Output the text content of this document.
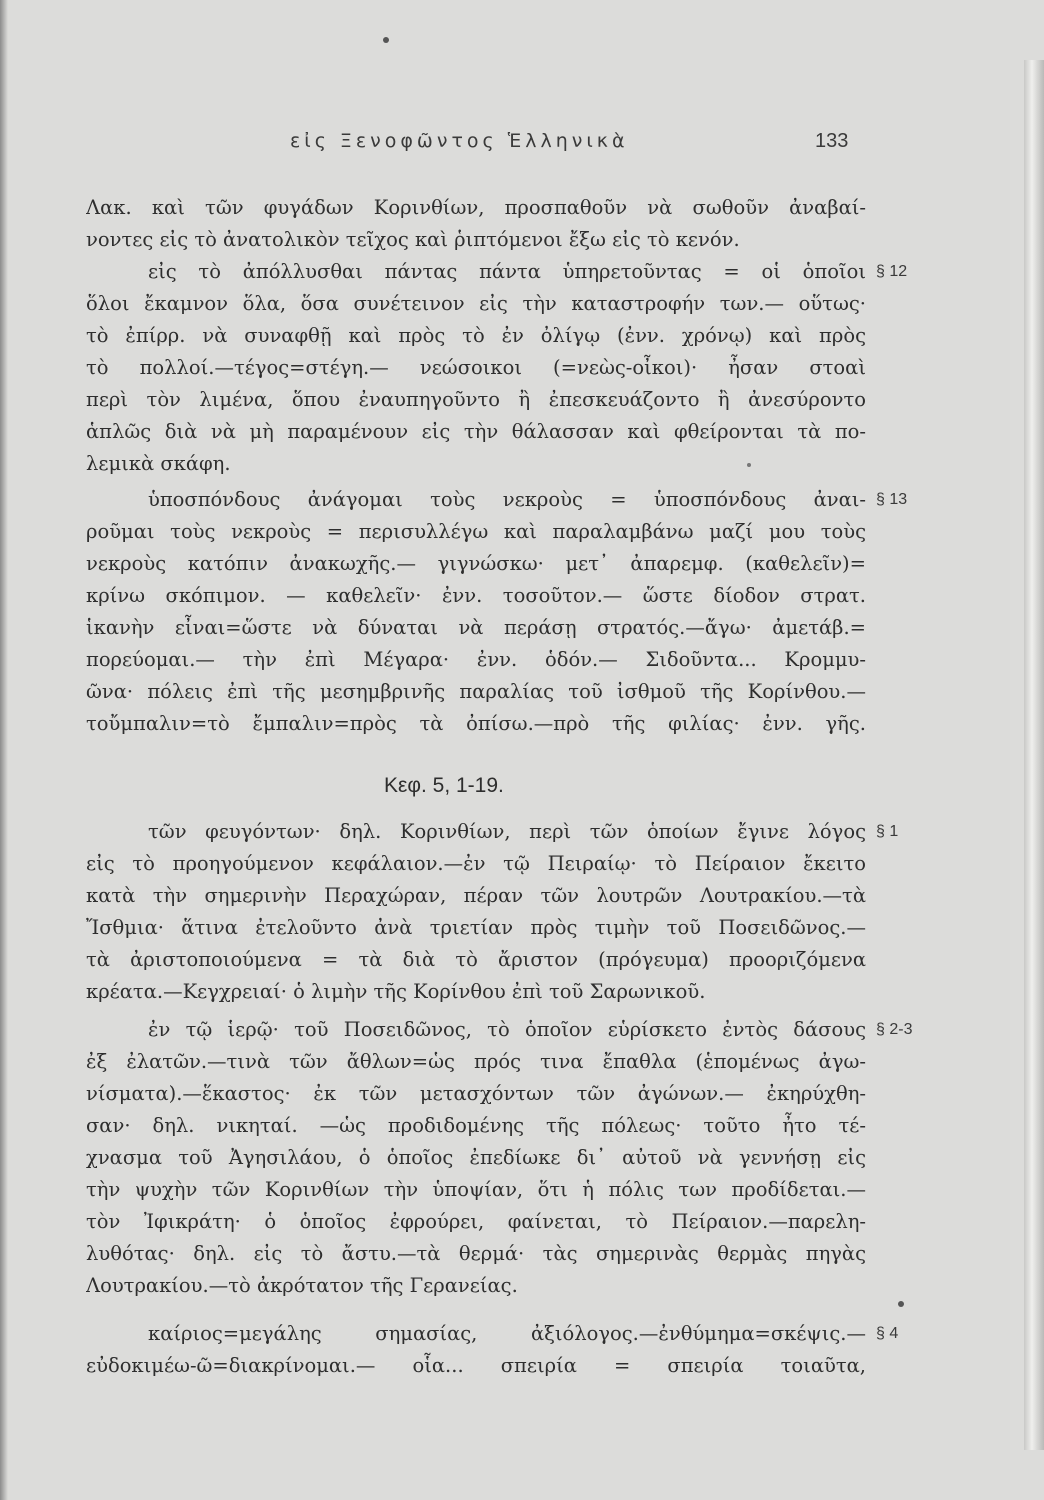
εἰς Ξενοφῶντος Ἑλληνικὰ	133
Λακ. καὶ τῶν φυγάδων Κορινθίων, προσπαθοῦν νὰ σωθοῦν ἀναβαί-
νοντες εἰς τὸ ἀνατολικὸν τεῖχος καὶ ῥιπτόμενοι ἔξω εἰς τὸ κενόν.
εἰς τὸ ἀπόλλυσθαι πάντας πάντα ὑπηρετοῦντας = οἱ ὁποῖοι
ὅλοι ἔκαμνον ὅλα, ὅσα συνέτεινον εἰς τὴν καταστροφήν των.— οὕτως·
τὸ ἐπίρρ. νὰ συναφθῇ καὶ πρὸς τὸ ἐν ὀλίγῳ (ἐνν. χρόνῳ) καὶ πρὸς
τὸ πολλοί.—τέγος=στέγη.— νεώσοικοι (=νεὼς-οἶκοι)· ἦσαν στοαὶ
περὶ τὸν λιμένα, ὅπου ἐναυπηγοῦντο ἢ ἐπεσκευάζοντο ἢ ἀνεσύροντο
ἁπλῶς διὰ νὰ μὴ παραμένουν εἰς τὴν θάλασσαν καὶ φθείρονται τὰ πο-
λεμικὰ σκάφη.
ὑποσπόνδους ἀνάγομαι τοὺς νεκροὺς = ὑποσπόνδους ἀναι-
ροῦμαι τοὺς νεκροὺς = περισυλλέγω καὶ παραλαμβάνω μαζί μου τοὺς
νεκροὺς κατόπιν ἀνακωχῆς.— γιγνώσκω· μετ᾽ ἀπαρεμφ. (καθελεῖν)=
κρίνω σκόπιμον. — καθελεῖν· ἐνν. τοσοῦτον.— ὥστε δίοδον στρατ.
ἱκανὴν εἶναι=ὥστε νὰ δύναται νὰ περάσῃ στρατός.—ἄγω· ἀμετάβ.=
πορεύομαι.— τὴν ἐπὶ Μέγαρα· ἐνν. ὁδόν.— Σιδοῦντα... Κρομμυ-
ῶνα· πόλεις ἐπὶ τῆς μεσημβρινῆς παραλίας τοῦ ἰσθμοῦ τῆς Κορίνθου.—
τοὔμπαλιν=τὸ ἔμπαλιν=πρὸς τὰ ὀπίσω.—πρὸ τῆς φιλίας· ἐνν. γῆς.
Κεφ. 5, 1-19.
τῶν φευγόντων· δηλ. Κορινθίων, περὶ τῶν ὁποίων ἔγινε λόγος
εἰς τὸ προηγούμενον κεφάλαιον.—ἐν τῷ Πειραίῳ· τὸ Πείραιον ἔκειτο
κατὰ τὴν σημερινὴν Περαχώραν, πέραν τῶν λουτρῶν Λουτρακίου.—τὰ
Ἴσθμια· ἅτινα ἐτελοῦντο ἀνὰ τριετίαν πρὸς τιμὴν τοῦ Ποσειδῶνος.—
τὰ ἀριστοποιούμενα = τὰ διὰ τὸ ἄριστον (πρόγευμα) προοριζόμενα
κρέατα.—Κεγχρειαί· ὁ λιμὴν τῆς Κορίνθου ἐπὶ τοῦ Σαρωνικοῦ.
ἐν τῷ ἱερῷ· τοῦ Ποσειδῶνος, τὸ ὁποῖον εὑρίσκετο ἐντὸς δάσους
ἐξ ἐλατῶν.—τινὰ τῶν ἄθλων=ὡς πρός τινα ἔπαθλα (ἑπομένως ἀγω-
νίσματα).—ἕκαστος· ἐκ τῶν μετασχόντων τῶν ἀγώνων.— ἐκηρύχθη-
σαν· δηλ. νικηταί. —ὡς προδιδομένης τῆς πόλεως· τοῦτο ἦτο τέ-
χνασμα τοῦ Ἀγησιλάου, ὁ ὁποῖος ἐπεδίωκε δι᾽ αὐτοῦ νὰ γεννήσῃ εἰς
τὴν ψυχὴν τῶν Κορινθίων τὴν ὑποψίαν, ὅτι ἡ πόλις των προδίδεται.—
τὸν Ἰφικράτη· ὁ ὁποῖος ἐφρούρει, φαίνεται, τὸ Πείραιον.—παρελη-
λυθότας· δηλ. εἰς τὸ ἄστυ.—τὰ θερμά· τὰς σημερινὰς θερμὰς πηγὰς
Λουτρακίου.—τὸ ἀκρότατον τῆς Γερανείας.
καίριος=μεγάλης σημασίας, ἀξιόλογος.—ἐνθύμημα=σκέψις.—
εὐδοκιμέω-ῶ=διακρίνομαι.— οἷα... σπειρία = σπειρία τοιαῦτα,
§ 12
§ 13
§ 1
§ 2-3
§ 4
